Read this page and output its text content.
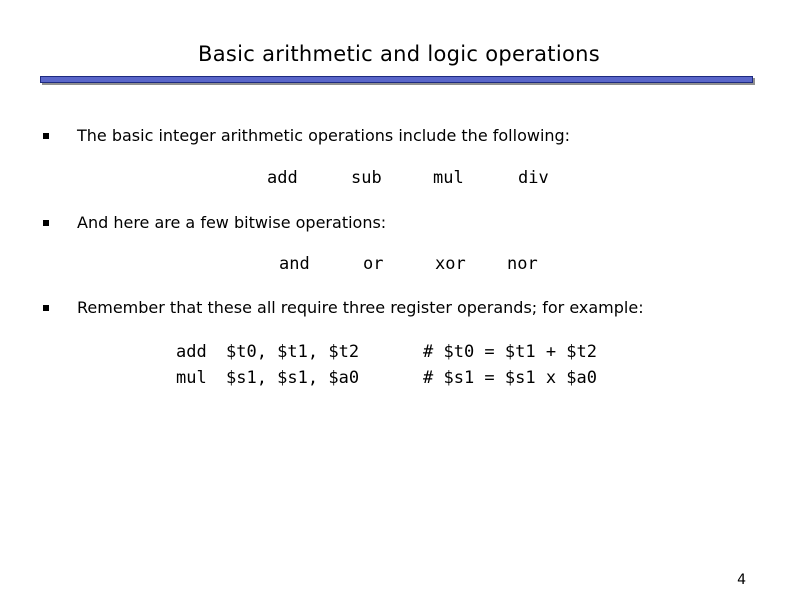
Basic arithmetic and logic operations
The basic integer arithmetic operations include the following:
add	sub	mul	div
And here are a few bitwise operations:
and	or	xor nor
Remember that these all require three register operands; for example:
add $t0, $t1, $t2	# $t0 = $t1 + $t2
mul $s1, $s1, $a0	# $s1 = $s1 x $a0
4
